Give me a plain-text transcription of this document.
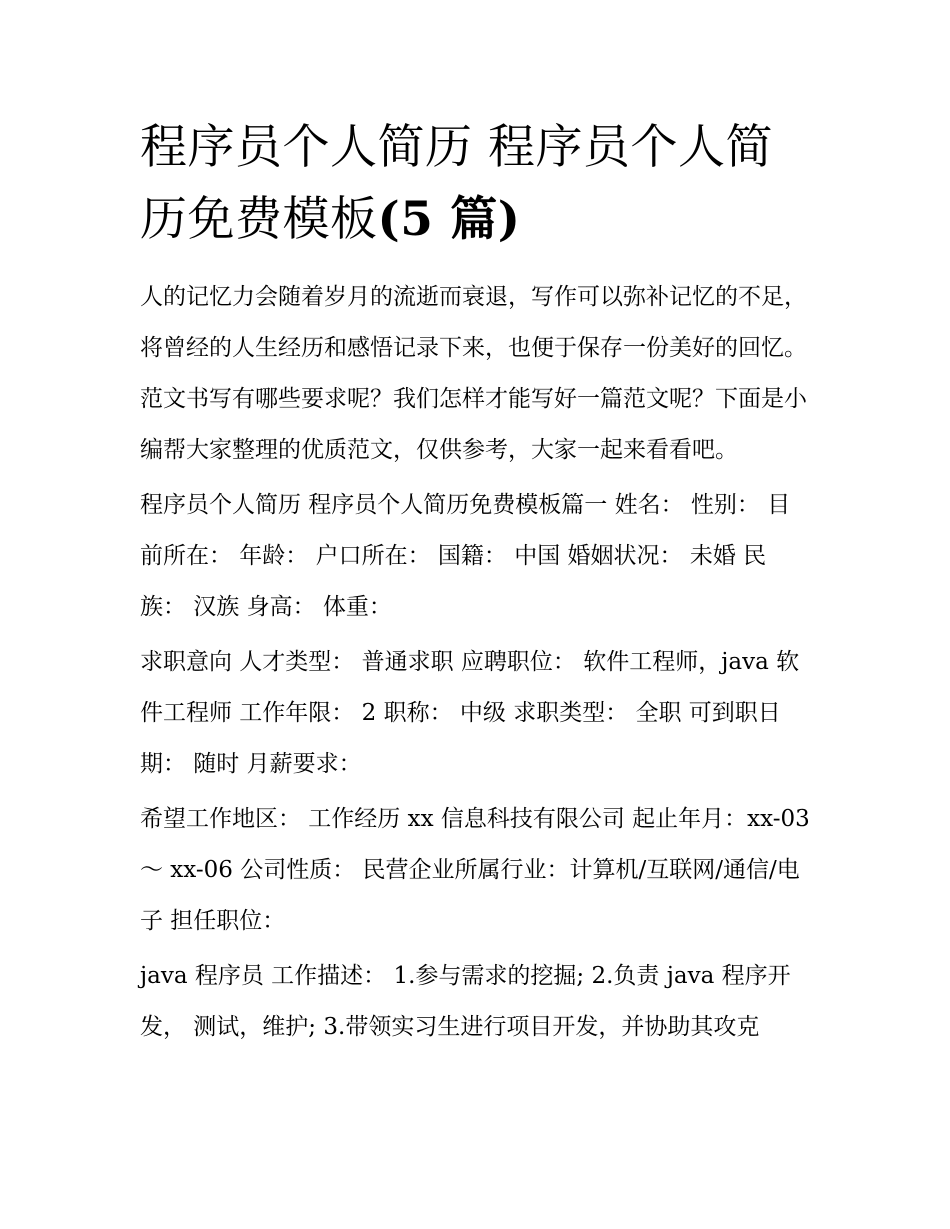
程序员个人简历 程序员个人简历免费模板(5 篇)

人的记忆力会随着岁月的流逝而衰退，写作可以弥补记忆的不足，将曾经的人生经历和感悟记录下来，也便于保存一份美好的回忆。范文书写有哪些要求呢？我们怎样才能写好一篇范文呢？下面是小编帮大家整理的优质范文，仅供参考，大家一起来看看吧。

程序员个人简历 程序员个人简历免费模板篇一 姓名： 性别： 目前所在： 年龄： 户口所在： 国籍： 中国 婚姻状况： 未婚 民族： 汉族 身高： 体重：

求职意向 人才类型： 普通求职 应聘职位： 软件工程师，java 软件工程师 工作年限： 2 职称： 中级 求职类型： 全职 可到职日期： 随时 月薪要求：

希望工作地区： 工作经历 xx 信息科技有限公司 起止年月：xx-03 ～ xx-06 公司性质： 民营企业所属行业：计算机/互联网/通信/电子 担任职位：

java 程序员 工作描述： 1.参与需求的挖掘; 2.负责 java 程序开发， 测试，维护; 3.带领实习生进行项目开发，并协助其攻克
